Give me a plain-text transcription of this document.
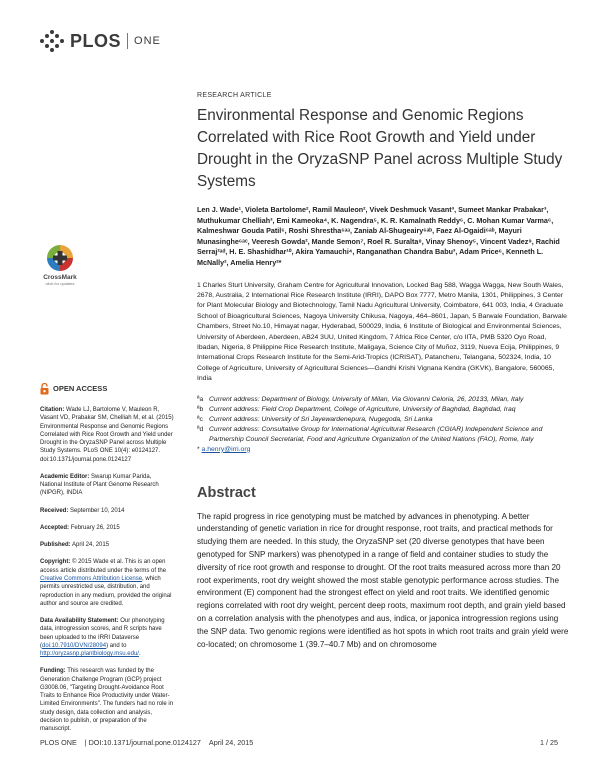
PLOS ONE
CrossMark
click for updates
OPEN ACCESS
Citation: Wade LJ, Bartolome V, Mauleon R, Vasant VD, Prabakar SM, Chelliah M, et al. (2015) Environmental Response and Genomic Regions Correlated with Rice Root Growth and Yield under Drought in the OryzaSNP Panel across Multiple Study Systems. PLoS ONE 10(4): e0124127. doi:10.1371/journal.pone.0124127
Academic Editor: Swarup Kumar Parida, National Institute of Plant Genome Research (NIPGR), INDIA
Received: September 10, 2014
Accepted: February 26, 2015
Published: April 24, 2015
Copyright: © 2015 Wade et al. This is an open access article distributed under the terms of the Creative Commons Attribution License, which permits unrestricted use, distribution, and reproduction in any medium, provided the original author and source are credited.
Data Availability Statement: Our phenotyping data, introgression scores, and R scripts have been uploaded to the IRRI Dataverse (doi:10.7910/DVN/28094) and to http://oryzasnp.plantbiology.msu.edu/.
Funding: This research was funded by the Generation Challenge Program (GCP) project G3008.06, "Targeting Drought-Avoidance Root Traits to Enhance Rice Productivity under Water-Limited Environments". The funders had no role in study design, data collection and analysis, decision to publish, or preparation of the manuscript.
RESEARCH ARTICLE
Environmental Response and Genomic Regions Correlated with Rice Root Growth and Yield under Drought in the OryzaSNP Panel across Multiple Study Systems
Len J. Wade¹, Violeta Bartolome², Ramil Mauleon², Vivek Deshmuck Vasant³, Sumeet Mankar Prabakar³, Muthukumar Chelliah³, Emi Kameoka⁴, K. Nagendra⁵, K. R. Kamalnath Reddy⁶, C. Mohan Kumar Varma⁶, Kalmeshwar Gouda Patil⁶, Roshi Shrestha⁶ᵃᵃ, Zaniab Al-Shugeairy⁶ᵃᵇ, Faez Al-Ogaidi⁶ᵃᵇ, Mayuri Munasinghe⁶ᵃᶜ, Veeresh Gowda², Mande Semon⁷, Roel R. Suralta⁸, Vinay Shenoy⁵, Vincent Vadez⁹, Rachid Serraj²ᵃᵈ, H. E. Shashidhar¹⁰, Akira Yamauchi⁴, Ranganathan Chandra Babu³, Adam Price⁶, Kenneth L. McNally², Amelia Henry²*
1 Charles Sturt University, Graham Centre for Agricultural Innovation, Locked Bag 588, Wagga Wagga, New South Wales, 2678, Australia, 2 International Rice Research Institute (IRRI), DAPO Box 7777, Metro Manila, 1301, Philippines, 3 Center for Plant Molecular Biology and Biotechnology, Tamil Nadu Agricultural University, Coimbatore, 641 003, India, 4 Graduate School of Bioagricultural Sciences, Nagoya University Chikusa, Nagoya, 464–8601, Japan, 5 Barwale Foundation, Barwale Chambers, Street No.10, Himayat nagar, Hyderabad, 500029, India, 6 Institute of Biological and Environmental Sciences, University of Aberdeen, Aberdeen, AB24 3UU, United Kingdom, 7 Africa Rice Center, c/o IITA, PMB 5320 Oyo Road, Ibadan, Nigeria, 8 Philippine Rice Research Institute, Maligaya, Science City of Muñoz, 3119, Nueva Ecija, Philippines, 9 International Crops Research Institute for the Semi-Arid-Tropics (ICRISAT), Patancheru, Telangana, 502324, India, 10 College of Agriculture, University of Agricultural Sciences—Gandhi Krishi Vignana Kendra (GKVK), Bangalore, 560065, India
ªa Current address: Department of Biology, University of Milan, Via Giovanni Celoria, 26, 20133, Milan, Italy
ªb Current address: Field Crop Department, College of Agriculture, University of Baghdad, Baghdad, Iraq
ªc Current address: University of Sri Jayewardenepura, Nugegoda, Sri Lanka
ªd Current address: Consultative Group for International Agricultural Research (CGIAR) Independent Science and Partnership Council Secretariat, Food and Agriculture Organization of the United Nations (FAO), Rome, Italy
* a.henry@irri.org
Abstract

The rapid progress in rice genotyping must be matched by advances in phenotyping. A better understanding of genetic variation in rice for drought response, root traits, and practical methods for studying them are needed. In this study, the OryzaSNP set (20 diverse genotypes that have been genotyped for SNP markers) was phenotyped in a range of field and container studies to study the diversity of rice root growth and response to drought. Of the root traits measured across more than 20 root experiments, root dry weight showed the most stable genotypic performance across studies. The environment (E) component had the strongest effect on yield and root traits. We identified genomic regions correlated with root dry weight, percent deep roots, maximum root depth, and grain yield based on a correlation analysis with the phenotypes and aus, indica, or japonica introgression regions using the SNP data. Two genomic regions were identified as hot spots in which root traits and grain yield were co-located; on chromosome 1 (39.7–40.7 Mb) and on chromosome

PLOS ONE | DOI:10.1371/journal.pone.0124127 April 24, 2015	1 / 25
